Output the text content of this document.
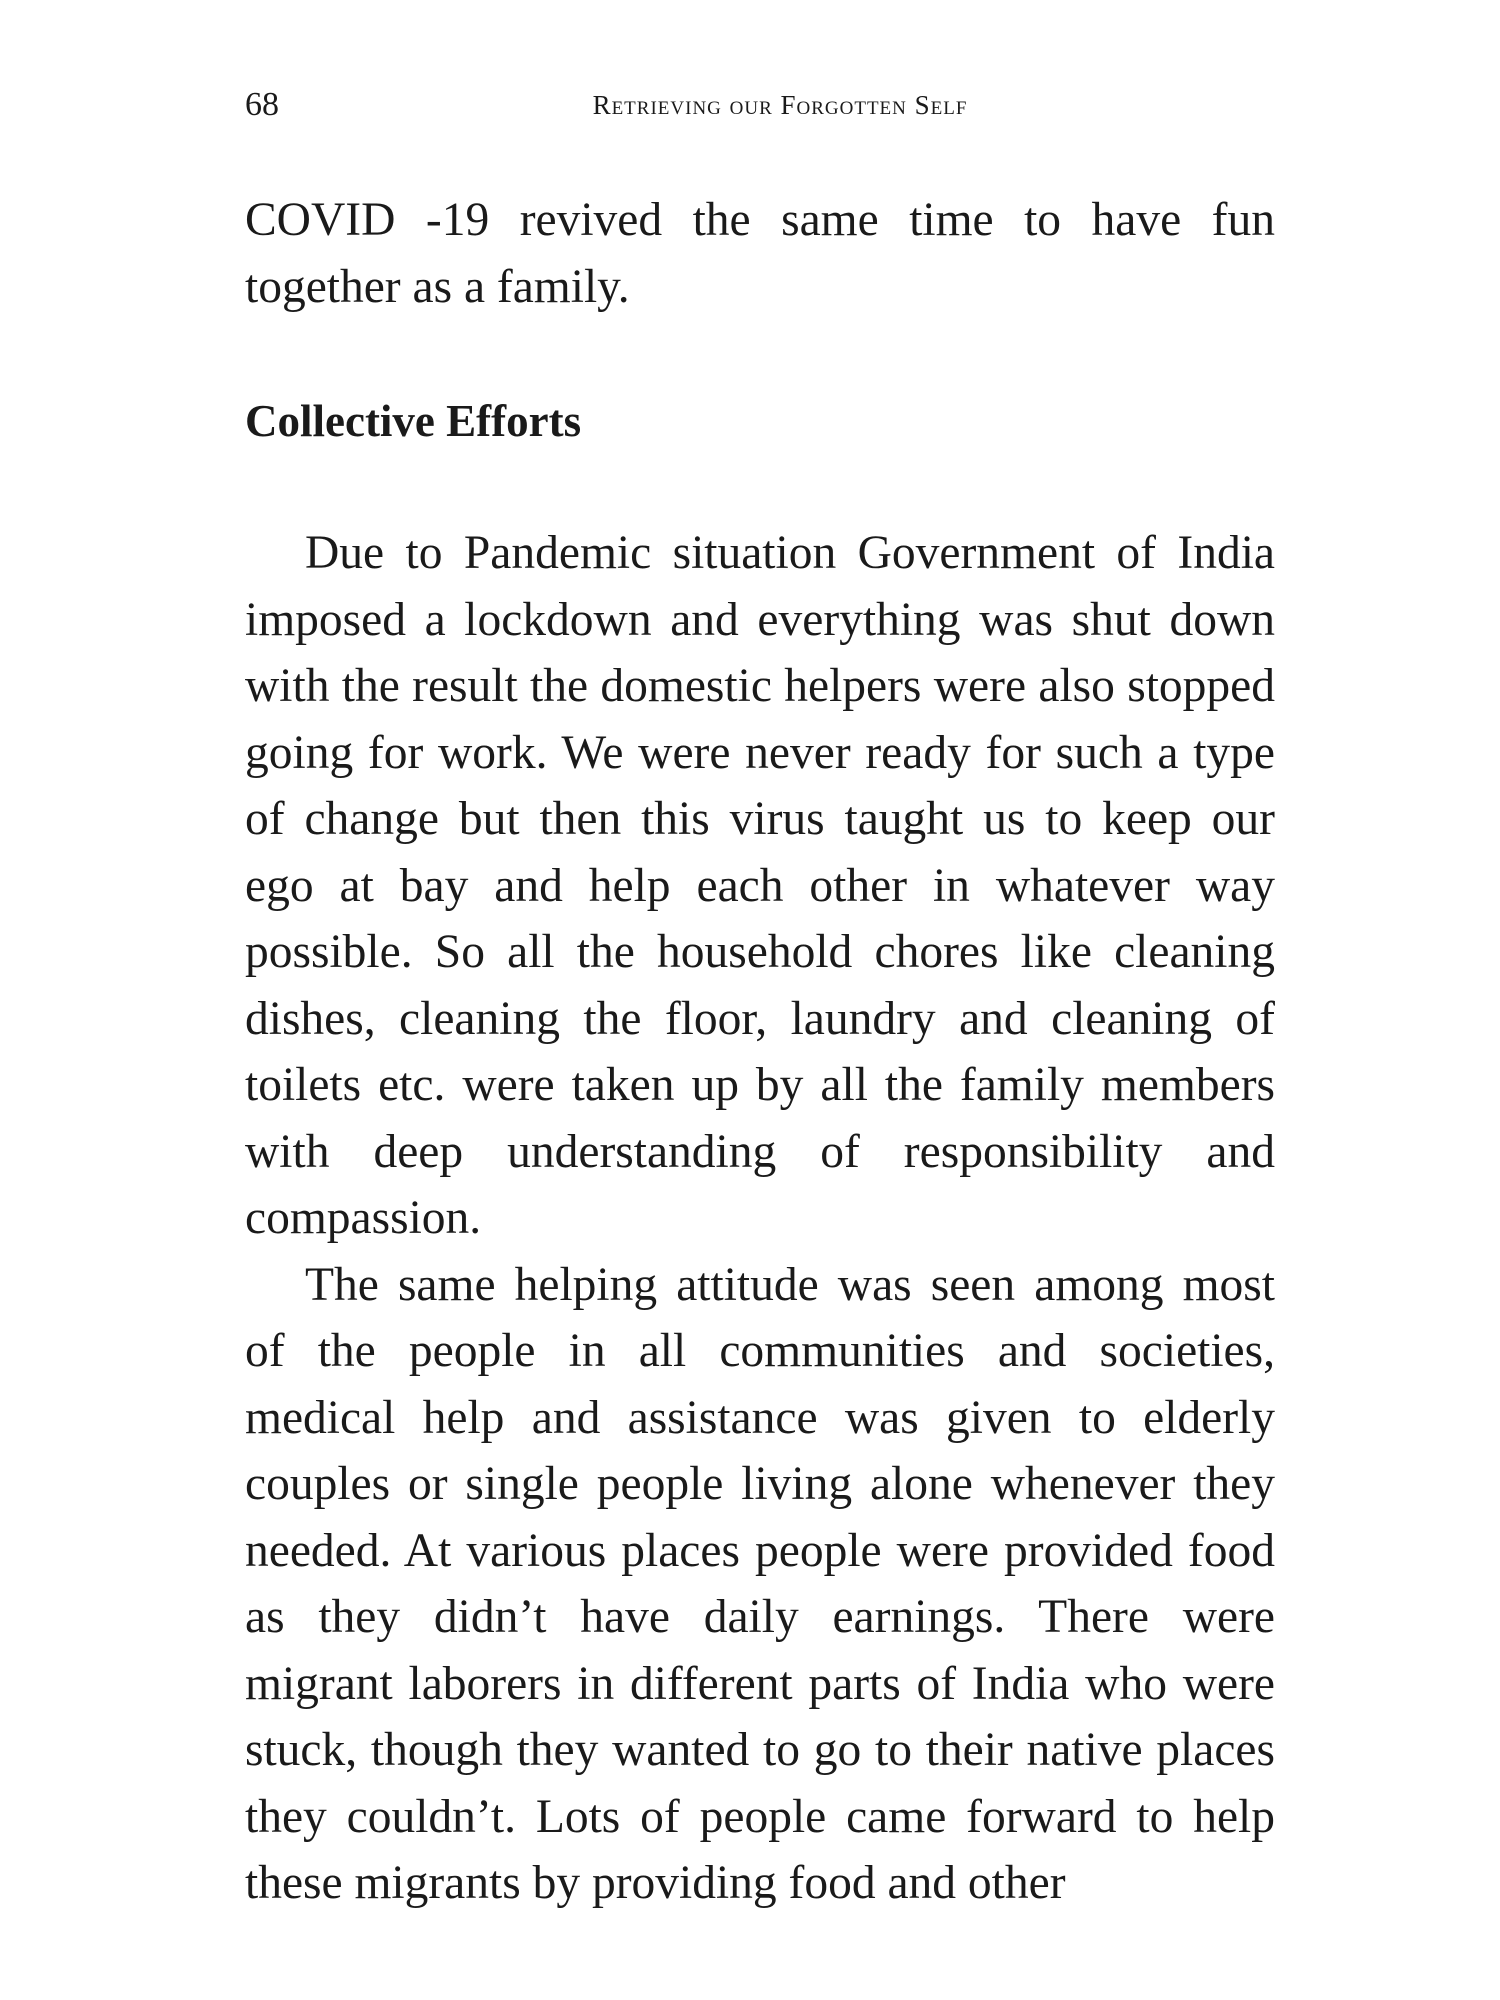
68	Retrieving our Forgotten Self

COVID -19 revived the same time to have fun together as a family.

Collective Efforts

Due to Pandemic situation Government of India imposed a lockdown and everything was shut down with the result the domestic helpers were also stopped going for work. We were never ready for such a type of change but then this virus taught us to keep our ego at bay and help each other in whatever way possible. So all the household chores like cleaning dishes, cleaning the floor, laundry and cleaning of toilets etc. were taken up by all the family members with deep understanding of responsibility and compassion.

The same helping attitude was seen among most of the people in all communities and societies, medical help and assistance was given to elderly couples or single people living alone whenever they needed. At various places people were provided food as they didn’t have daily earnings. There were migrant laborers in different parts of India who were stuck, though they wanted to go to their native places they couldn’t. Lots of people came forward to help these migrants by providing food and other
